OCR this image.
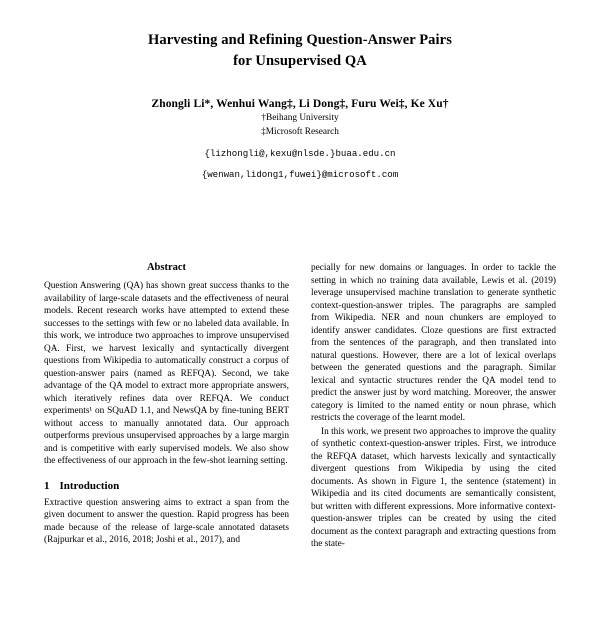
Harvesting and Refining Question-Answer Pairs
for Unsupervised QA
Zhongli Li*, Wenhui Wang‡, Li Dong‡, Furu Wei‡, Ke Xu†
†Beihang University
‡Microsoft Research
{lizhongli@,kexu@nlsde.}buaa.edu.cn
{wenwan,lidong1,fuwei}@microsoft.com
Abstract

Question Answering (QA) has shown great success thanks to the availability of large-scale datasets and the effectiveness of neural models. Recent research works have attempted to extend these successes to the settings with few or no labeled data available. In this work, we introduce two approaches to improve unsupervised QA. First, we harvest lexically and syntactically divergent questions from Wikipedia to automatically construct a corpus of question-answer pairs (named as REFQA). Second, we take advantage of the QA model to extract more appropriate answers, which iteratively refines data over REFQA. We conduct experiments¹ on SQuAD 1.1, and NewsQA by fine-tuning BERT without access to manually annotated data. Our approach outperforms previous unsupervised approaches by a large margin and is competitive with early supervised models. We also show the effectiveness of our approach in the few-shot learning setting.

1 Introduction

Extractive question answering aims to extract a span from the given document to answer the question. Rapid progress has been made because of the release of large-scale annotated datasets (Rajpurkar et al., 2016, 2018; Joshi et al., 2017), and

pecially for new domains or languages. In order to tackle the setting in which no training data available, Lewis et al. (2019) leverage unsupervised machine translation to generate synthetic context-question-answer triples. The paragraphs are sampled from Wikipedia. NER and noun chunkers are employed to identify answer candidates. Cloze questions are first extracted from the sentences of the paragraph, and then translated into natural questions. However, there are a lot of lexical overlaps between the generated questions and the paragraph. Similar lexical and syntactic structures render the QA model tend to predict the answer just by word matching. Moreover, the answer category is limited to the named entity or noun phrase, which restricts the coverage of the learnt model.

In this work, we present two approaches to improve the quality of synthetic context-question-answer triples. First, we introduce the REFQA dataset, which harvests lexically and syntactically divergent questions from Wikipedia by using the cited documents. As shown in Figure 1, the sentence (statement) in Wikipedia and its cited documents are semantically consistent, but written with different expressions. More informative context-question-answer triples can be created by using the cited document as the context paragraph and extracting questions from the state-
